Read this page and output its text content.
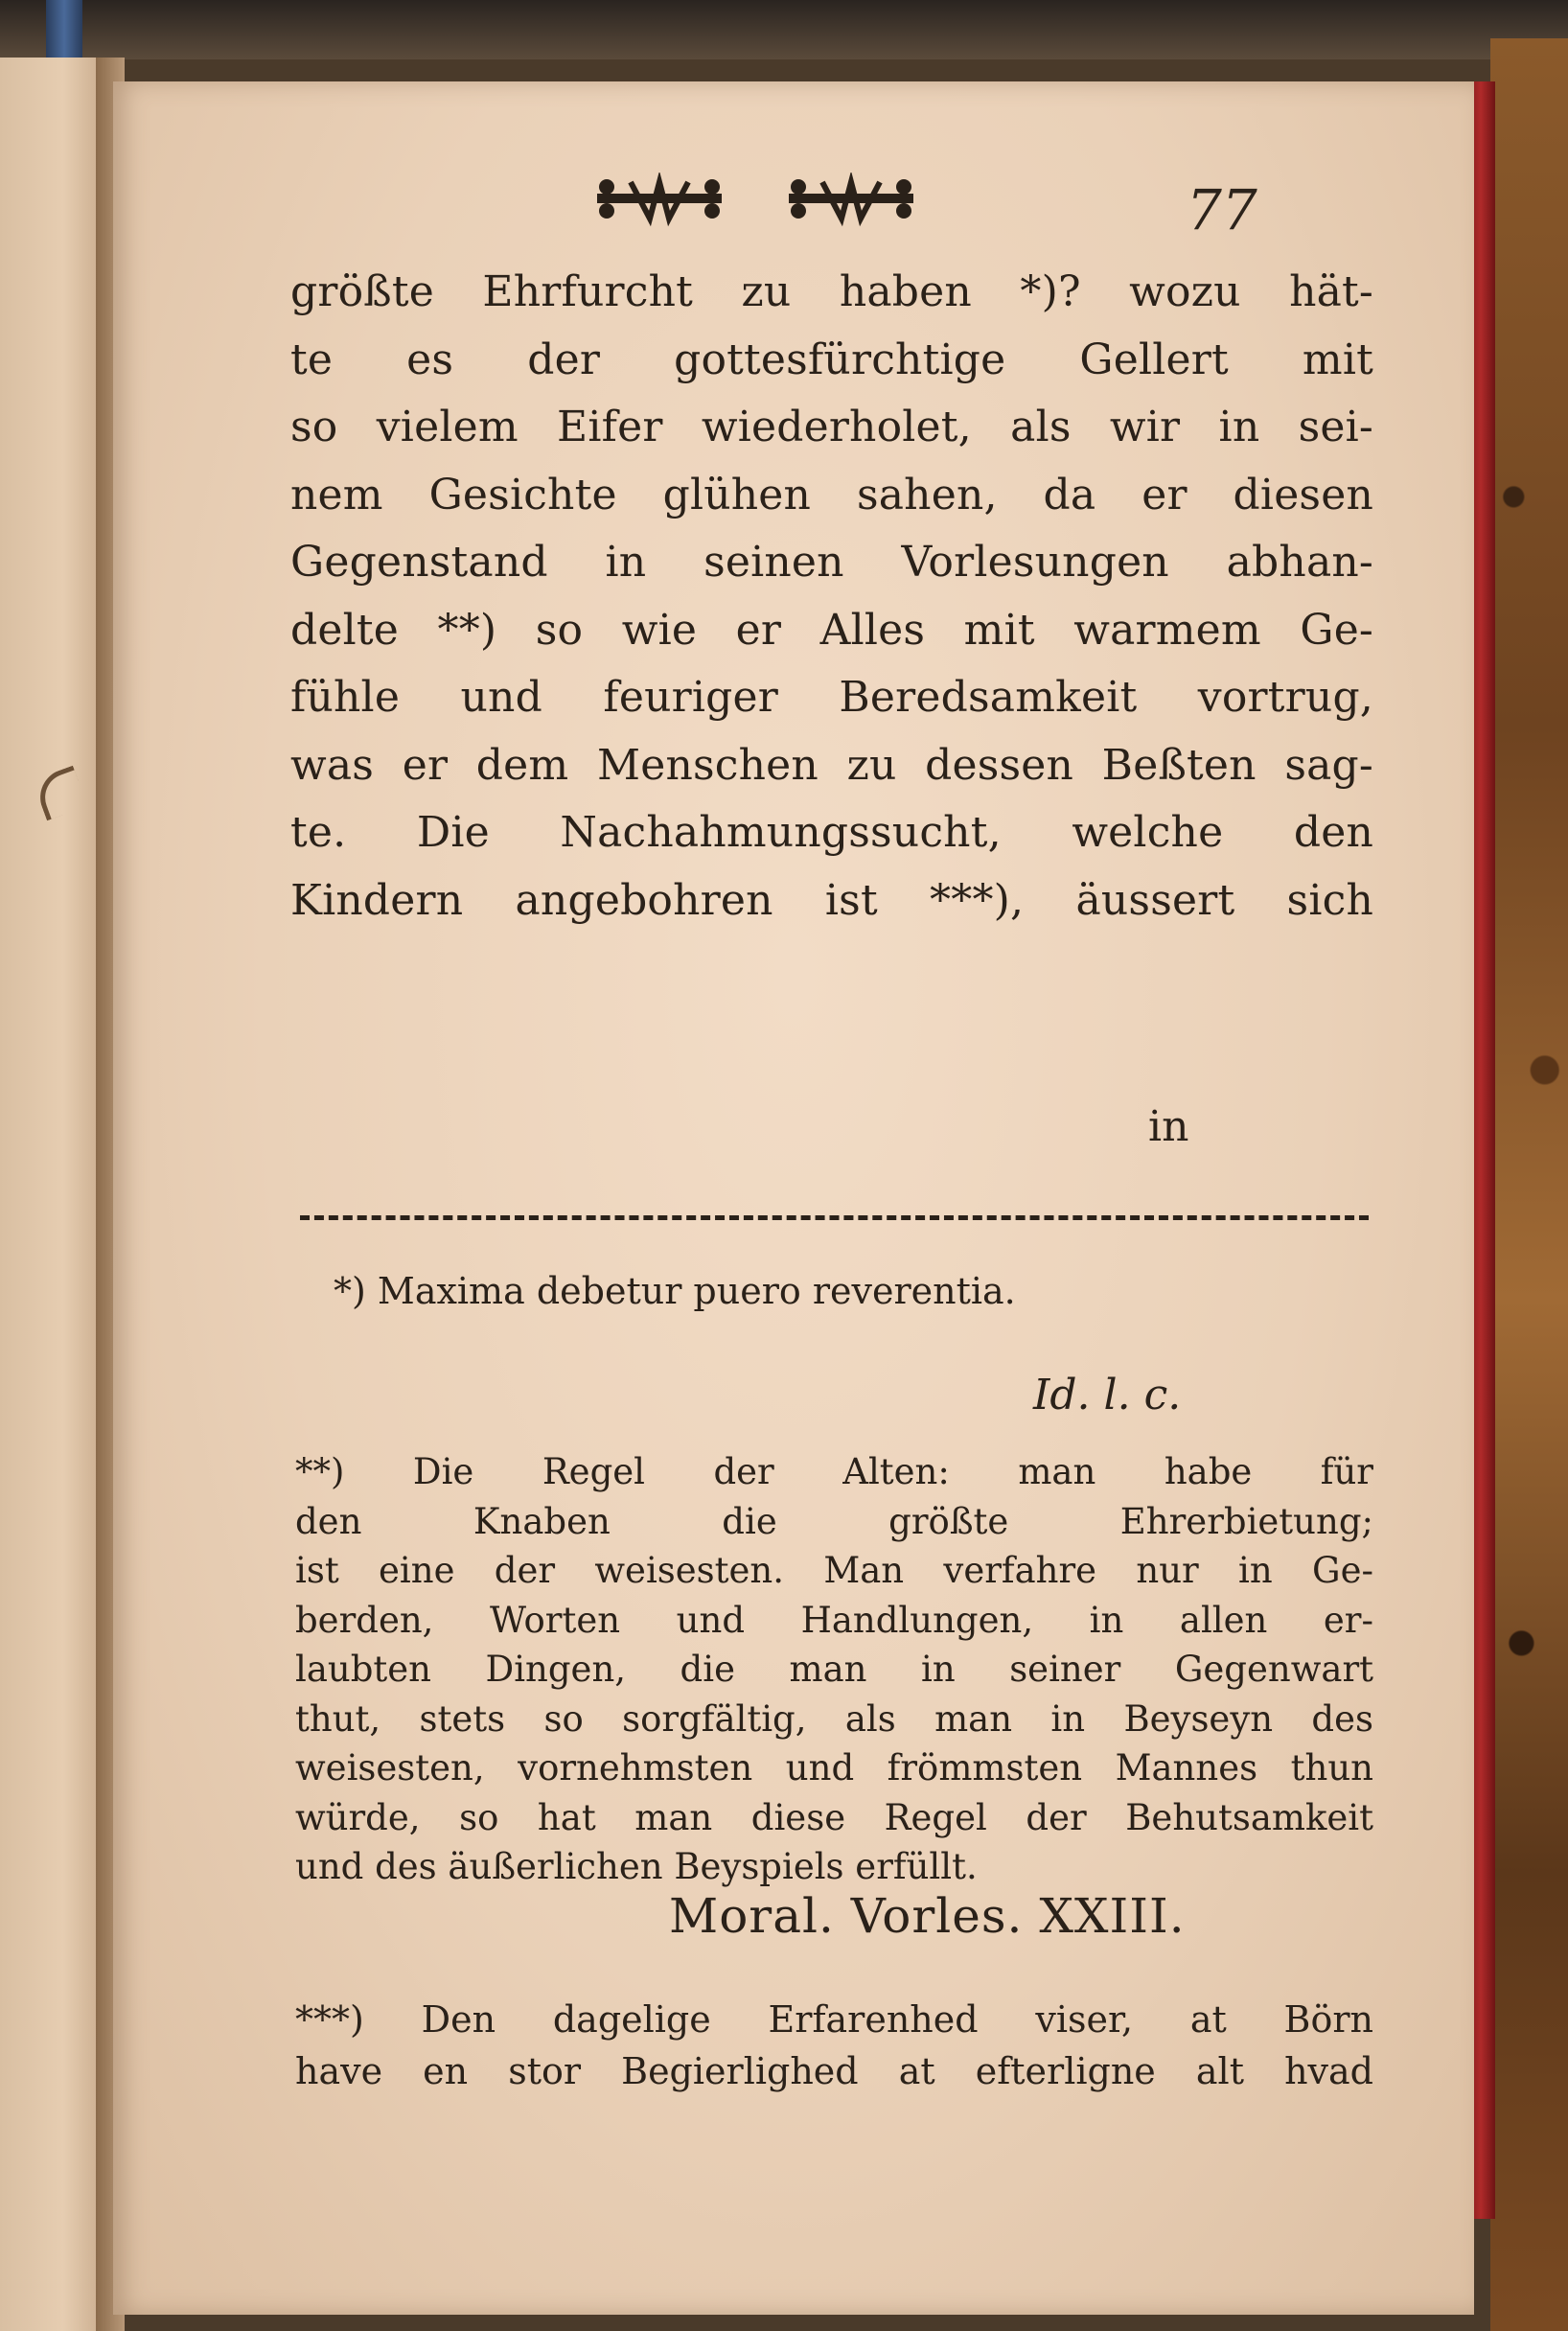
77
größte Ehrfurcht zu haben *)? wozu hät-
te es der gottesfürchtige Gellert mit
so vielem Eifer wiederholet, als wir in sei-
nem Gesichte glühen sahen, da er diesen
Gegenstand in seinen Vorlesungen abhan-
delte **) so wie er Alles mit warmem Ge-
fühle und feuriger Beredsamkeit vortrug,
was er dem Menschen zu dessen Beßten sag-
te. Die Nachahmungssucht, welche den
Kindern angebohren ist ***), äussert sich
in
*) Maxima debetur puero reverentia.
Id. l. c.
**) Die Regel der Alten: man habe für
den Knaben die größte Ehrerbietung;
ist eine der weisesten. Man verfahre nur in Ge-
berden, Worten und Handlungen, in allen er-
laubten Dingen, die man in seiner Gegenwart
thut, stets so sorgfältig, als man in Beyseyn des
weisesten, vornehmsten und frömmsten Mannes thun
würde, so hat man diese Regel der Behutsamkeit
und des äußerlichen Beyspiels erfüllt.
Moral. Vorles. XXIII.
***) Den dagelige Erfarenhed viser, at Börn
have en stor Begierlighed at efterligne alt hvad
